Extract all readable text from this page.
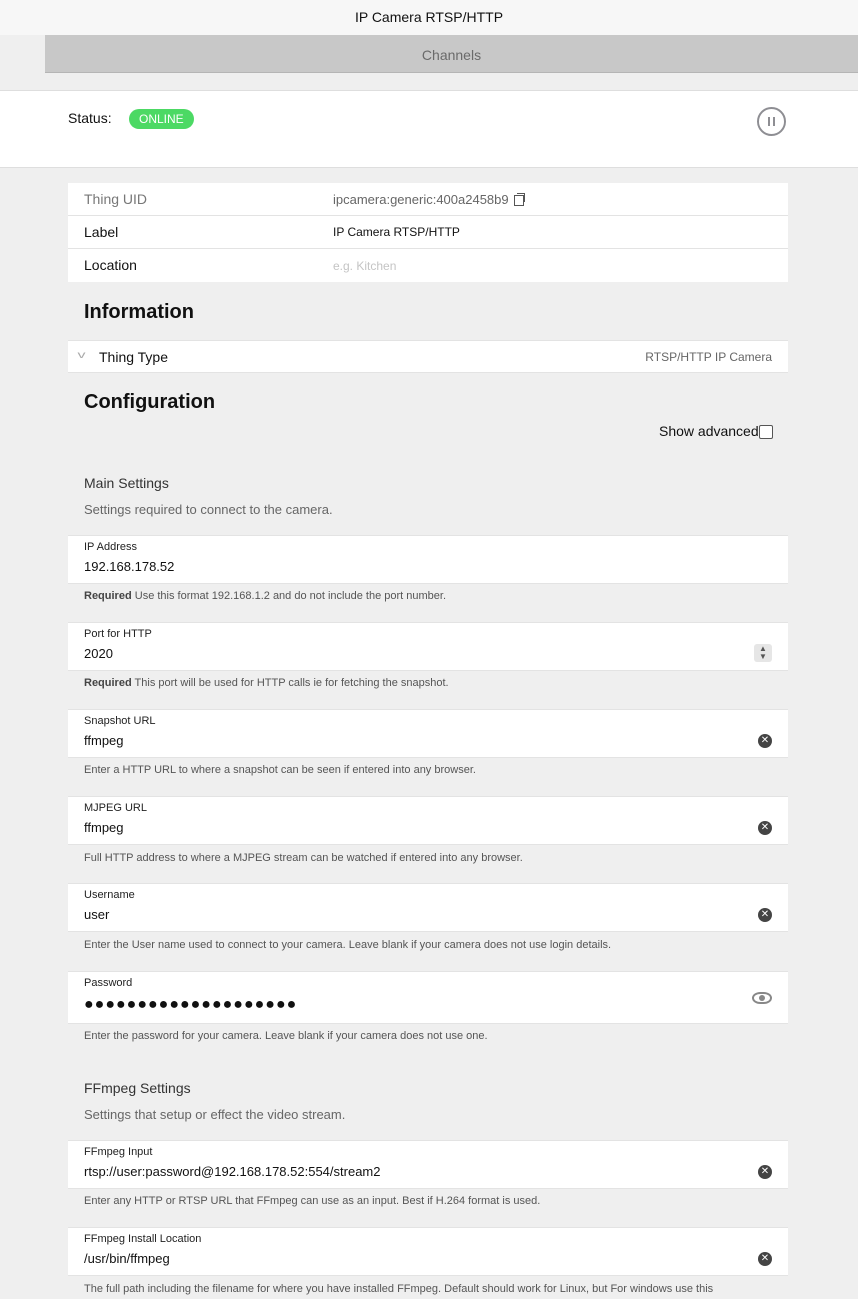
IP Camera RTSP/HTTP
Channels
Status:	ONLINE
Thing UID	ipcamera:generic:400a2458b9
Label	IP Camera RTSP/HTTP
Location	e.g. Kitchen
Information
v Thing Type	RTSP/HTTP IP Camera
Configuration
Show advanced
Main Settings
Settings required to connect to the camera.
IP Address
192.168.178.52
Required Use this format 192.168.1.2 and do not include the port number.
Port for HTTP
2020	▲
▼
Required This port will be used for HTTP calls ie for fetching the snapshot.
Snapshot URL
ffmpeg	✕
Enter a HTTP URL to where a snapshot can be seen if entered into any browser.
MJPEG URL
ffmpeg	✕
Full HTTP address to where a MJPEG stream can be watched if entered into any browser.
Username
user	✕
Enter the User name used to connect to your camera. Leave blank if your camera does not use login details.
Password
●●●●●●●●●●●●●●●●●●●●
Enter the password for your camera. Leave blank if your camera does not use one.
FFmpeg Settings
Settings that setup or effect the video stream.
FFmpeg Input
rtsp://user:password@192.168.178.52:554/stream2	✕
Enter any HTTP or RTSP URL that FFmpeg can use as an input. Best if H.264 format is used.
FFmpeg Install Location
/usr/bin/ffmpeg	✕
The full path including the filename for where you have installed FFmpeg. Default should work for Linux, but For windows use this
